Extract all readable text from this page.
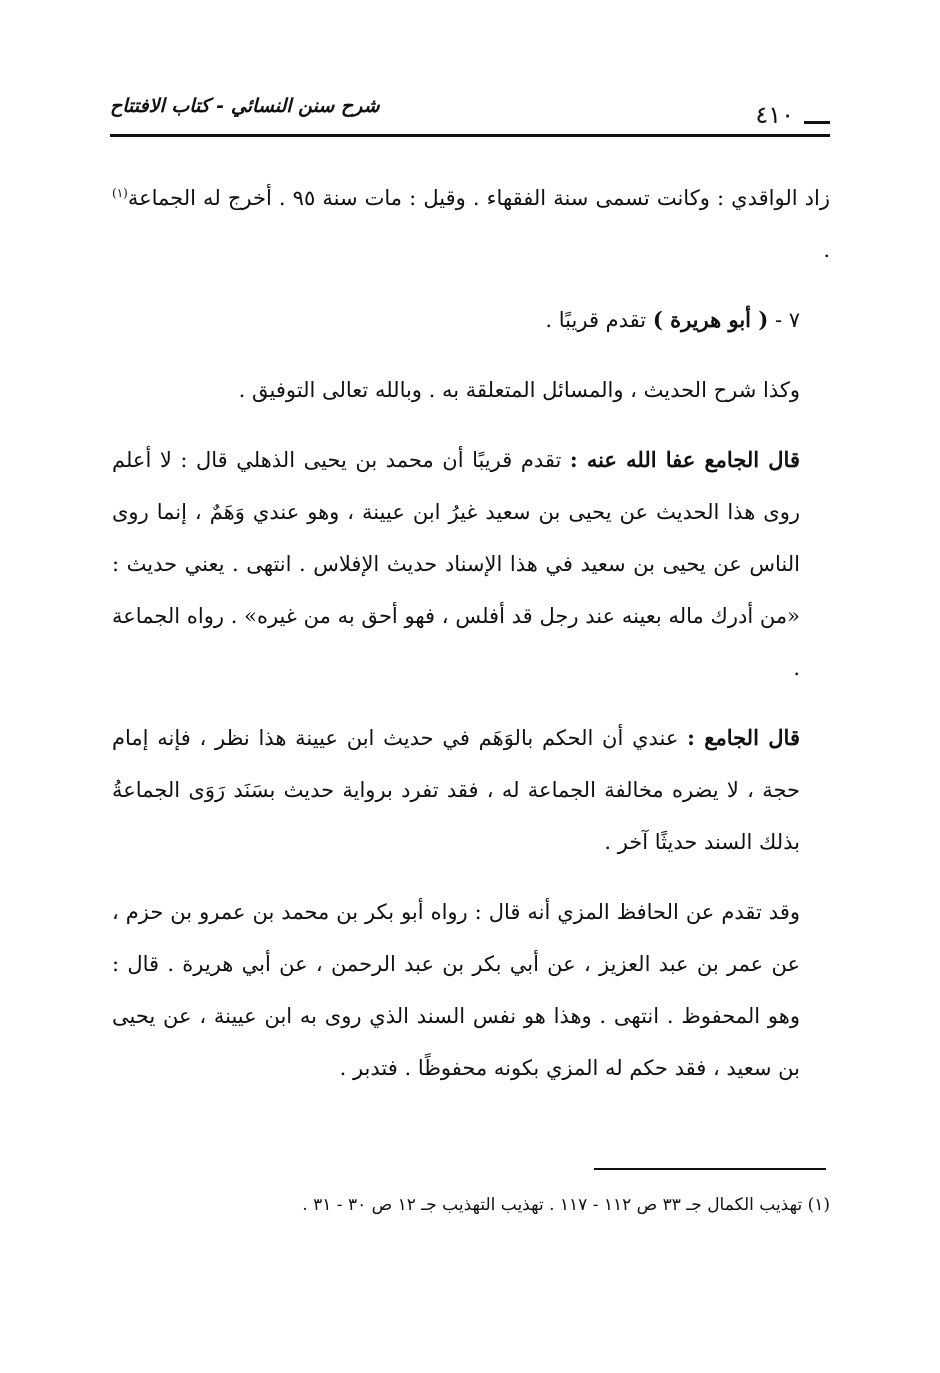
شرح سنن النسائي - كتاب الافتتاح	٤١٠

زاد الواقدي : وكانت تسمى سنة الفقهاء . وقيل : مات سنة ٩٥ . أخرج له الجماعة$^{(١)}$ .

٧ - ( أبو هريرة ) تقدم قريبًا .

وكذا شرح الحديث ، والمسائل المتعلقة به . وبالله تعالى التوفيق .

قال الجامع عفا الله عنه : تقدم قريبًا أن محمد بن يحيى الذهلي قال : لا أعلم روى هذا الحديث عن يحيى بن سعيد غيرُ ابن عيينة ، وهو عندي وَهَمٌ ، إنما روى الناس عن يحيى بن سعيد في هذا الإسناد حديث الإفلاس . انتهى . يعني حديث : «من أدرك ماله بعينه عند رجل قد أفلس ، فهو أحق به من غيره» . رواه الجماعة .

قال الجامع : عندي أن الحكم بالوَهَم في حديث ابن عيينة هذا نظر ، فإنه إمام حجة ، لا يضره مخالفة الجماعة له ، فقد تفرد برواية حديث بسَنَد رَوَى الجماعةُ بذلك السند حديثًا آخر .

وقد تقدم عن الحافظ المزي أنه قال : رواه أبو بكر بن محمد بن عمرو بن حزم ، عن عمر بن عبد العزيز ، عن أبي بكر بن عبد الرحمن ، عن أبي هريرة . قال : وهو المحفوظ . انتهى . وهذا هو نفس السند الذي روى به ابن عيينة ، عن يحيى بن سعيد ، فقد حكم له المزي بكونه محفوظًا . فتدبر .

(١) تهذيب الكمال جـ ٣٣ ص ١١٢ - ١١٧ . تهذيب التهذيب جـ ١٢ ص ٣٠ - ٣١ .
